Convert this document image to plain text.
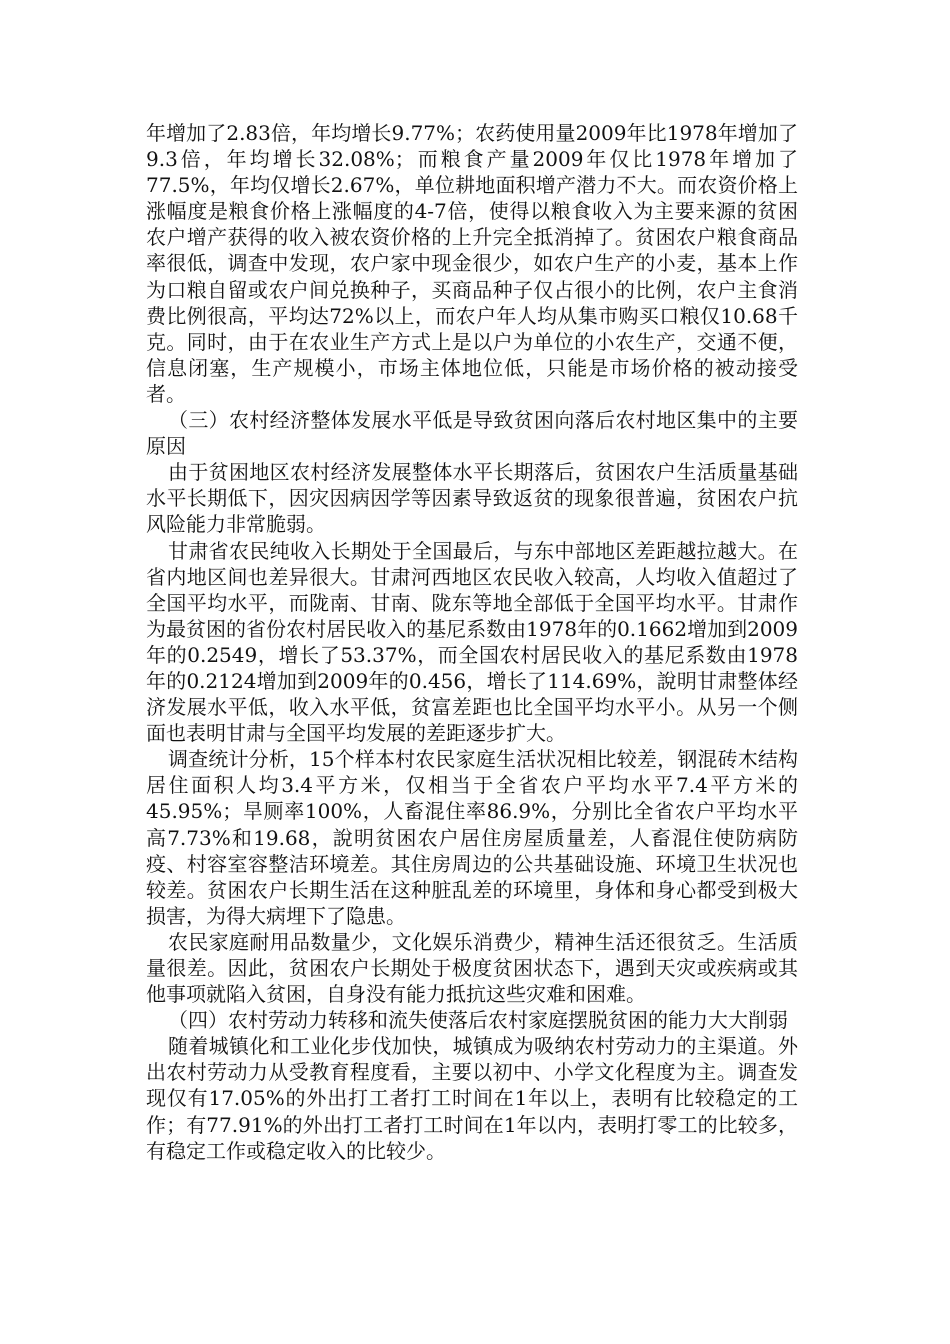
年增加了2.83倍，年均增长9.77%；农药使用量2009年比1978年增加了9.3倍，年均增长32.08%；而粮食产量2009年仅比1978年增加了77.5%，年均仅增长2.67%，单位耕地面积增产潜力不大。而农资价格上涨幅度是粮食价格上涨幅度的4-7倍，使得以粮食收入为主要来源的贫困农户增产获得的收入被农资价格的上升完全抵消掉了。贫困农户粮食商品率很低，调查中发现，农户家中现金很少，如农户生产的小麦，基本上作为口粮自留或农户间兑换种子，买商品种子仅占很小的比例，农户主食消费比例很高，平均达72%以上，而农户年人均从集市购买口粮仅10.68千克。同时，由于在农业生产方式上是以户为单位的小农生产，交通不便，信息闭塞，生产规模小，市场主体地位低，只能是市场价格的被动接受者。

（三）农村经济整体发展水平低是导致贫困向落后农村地区集中的主要原因

由于贫困地区农村经济发展整体水平长期落后，贫困农户生活质量基础水平长期低下，因灾因病因学等因素导致返贫的现象很普遍，贫困农户抗风险能力非常脆弱。

甘肃省农民纯收入长期处于全国最后，与东中部地区差距越拉越大。在省内地区间也差异很大。甘肃河西地区农民收入较高，人均收入值超过了全国平均水平，而陇南、甘南、陇东等地全部低于全国平均水平。甘肃作为最贫困的省份农村居民收入的基尼系数由1978年的0.1662增加到2009年的0.2549，增长了53.37%，而全国农村居民收入的基尼系数由1978年的0.2124增加到2009年的0.456，增长了114.69%，說明甘肃整体经济发展水平低，收入水平低，贫富差距也比全国平均水平小。从另一个侧面也表明甘肃与全国平均发展的差距逐步扩大。

调查统计分析，15个样本村农民家庭生活状况相比较差，钢混砖木结构居住面积人均3.4平方米，仅相当于全省农户平均水平7.4平方米的45.95%；旱厕率100%，人畜混住率86.9%，分别比全省农户平均水平高7.73%和19.68，說明贫困农户居住房屋质量差，人畜混住使防病防疫、村容室容整洁环境差。其住房周边的公共基础设施、环境卫生状况也较差。贫困农户长期生活在这种脏乱差的环境里，身体和身心都受到极大损害，为得大病埋下了隐患。

农民家庭耐用品数量少，文化娱乐消费少，精神生活还很贫乏。生活质量很差。因此，贫困农户长期处于极度贫困状态下，遇到天灾或疾病或其他事项就陷入贫困，自身没有能力抵抗这些灾难和困难。

（四）农村劳动力转移和流失使落后农村家庭摆脱贫困的能力大大削弱

随着城镇化和工业化步伐加快，城镇成为吸纳农村劳动力的主渠道。外出农村劳动力从受教育程度看，主要以初中、小学文化程度为主。调查发现仅有17.05%的外出打工者打工时间在1年以上，表明有比较稳定的工作；有77.91%的外出打工者打工时间在1年以内，表明打零工的比较多，有稳定工作或稳定收入的比较少。
